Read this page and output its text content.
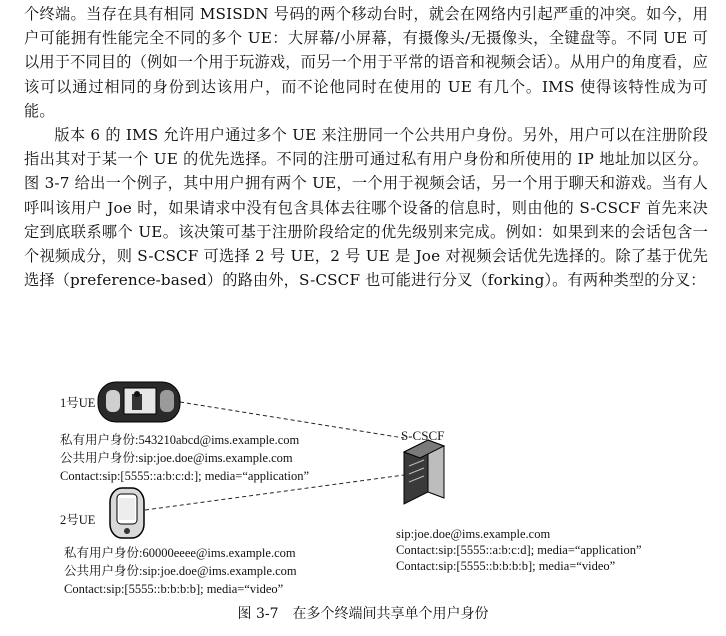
个终端。当存在具有相同 MSISDN 号码的两个移动台时，就会在网络内引起严重的冲突。如今，用户可能拥有性能完全不同的多个 UE：大屏幕/小屏幕，有摄像头/无摄像头，全键盘等。不同 UE 可以用于不同目的（例如一个用于玩游戏，而另一个用于平常的语音和视频会话）。从用户的角度看，应该可以通过相同的身份到达该用户，而不论他同时在使用的 UE 有几个。IMS 使得该特性成为可能。

版本 6 的 IMS 允许用户通过多个 UE 来注册同一个公共用户身份。另外，用户可以在注册阶段指出其对于某一个 UE 的优先选择。不同的注册可通过私有用户身份和所使用的 IP 地址加以区分。图 3-7 给出一个例子，其中用户拥有两个 UE，一个用于视频会话，另一个用于聊天和游戏。当有人呼叫该用户 Joe 时，如果请求中没有包含具体去往哪个设备的信息时，则由他的 S-CSCF 首先来决定到底联系哪个 UE。该决策可基于注册阶段给定的优先级别来完成。例如：如果到来的会话包含一个视频成分，则 S-CSCF 可选择 2 号 UE，2 号 UE 是 Joe 对视频会话优先选择的。除了基于优先选择（preference-based）的路由外，S-CSCF 也可能进行分叉（forking）。有两种类型的分叉：

1号UE
私有用户身份:543210abcd@ims.example.com
公共用户身份:sip:joe.doe@ims.example.com
Contact:sip:[5555::a:b:c:d:]; media=“application”
2号UE
私有用户身份:60000eeee@ims.example.com
公共用户身份:sip:joe.doe@ims.example.com
Contact:sip:[5555::b:b:b:b]; media=“video”
S-CSCF
sip:joe.doe@ims.example.com
Contact:sip:[5555::a:b:c:d]; media=“application”
Contact:sip:[5555::b:b:b:b]; media=“video”
图 3-7　在多个终端间共享单个用户身份
